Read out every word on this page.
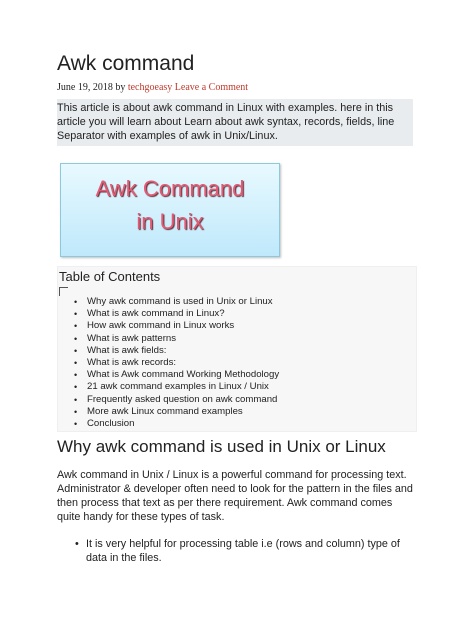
Awk command
June 19, 2018 by techgoeasy Leave a Comment
This article is about awk command in Linux with examples. here in this article you will learn about Learn about awk syntax, records, fields, line Separator with examples of awk in Unix/Linux.
Awk Command
in Unix
Table of Contents
• Why awk command is used in Unix or Linux
• What is awk command in Linux?
• How awk command in Linux works
• What is awk patterns
• What is awk fields:
• What is awk records:
• What is Awk command Working Methodology
• 21 awk command examples in Linux / Unix
• Frequently asked question on awk command
• More awk Linux command examples
• Conclusion
Why awk command is used in Unix or Linux
Awk command in Unix / Linux is a powerful command for processing text. Administrator & developer often need to look for the pattern in the files and then process that text as per there requirement. Awk command comes quite handy for these types of task.
• It is very helpful for processing table i.e (rows and column) type of data in the files.
